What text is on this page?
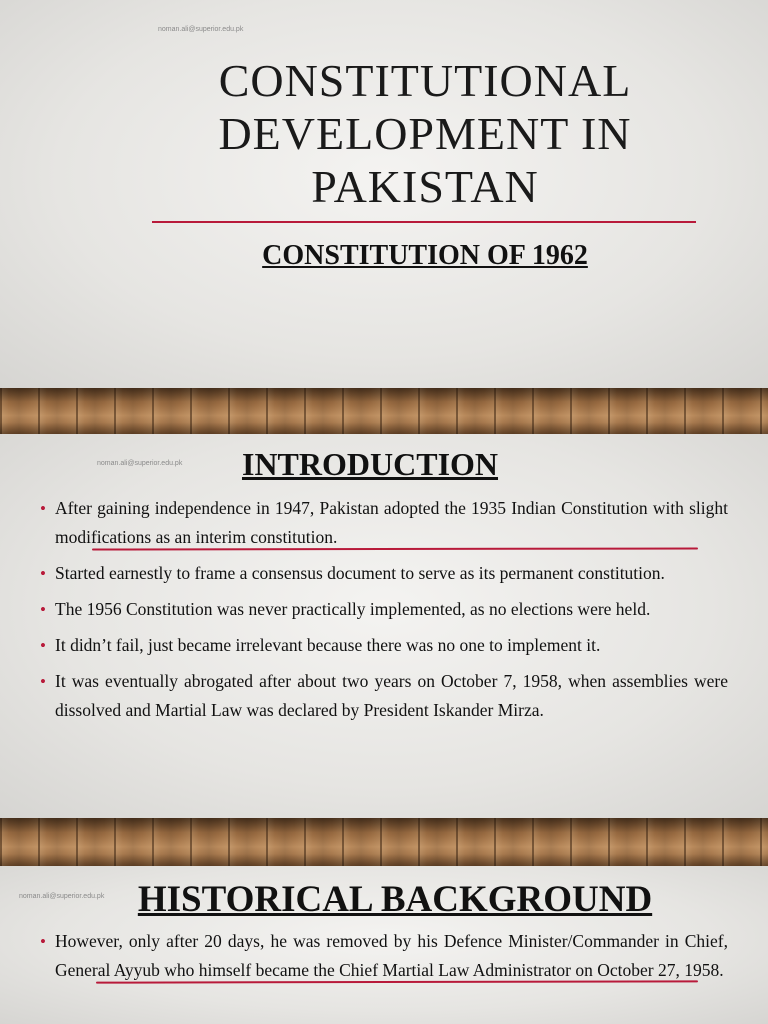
noman.ali@superior.edu.pk
CONSTITUTIONAL DEVELOPMENT IN PAKISTAN
CONSTITUTION OF 1962
noman.ali@superior.edu.pk	INTRODUCTION
• After gaining independence in 1947, Pakistan adopted the 1935 Indian Constitution with slight modifications as an interim constitution.
• Started earnestly to frame a consensus document to serve as its permanent constitution.
• The 1956 Constitution was never practically implemented, as no elections were held.
• It didn’t fail, just became irrelevant because there was no one to implement it.
• It was eventually abrogated after about two years on October 7, 1958, when assemblies were dissolved and Martial Law was declared by President Iskander Mirza.
noman.ali@superior.edu.pk HISTORICAL BACKGROUND
• However, only after 20 days, he was removed by his Defence Minister/Commander in Chief, General Ayyub who himself became the Chief Martial Law Administrator on October 27, 1958.
